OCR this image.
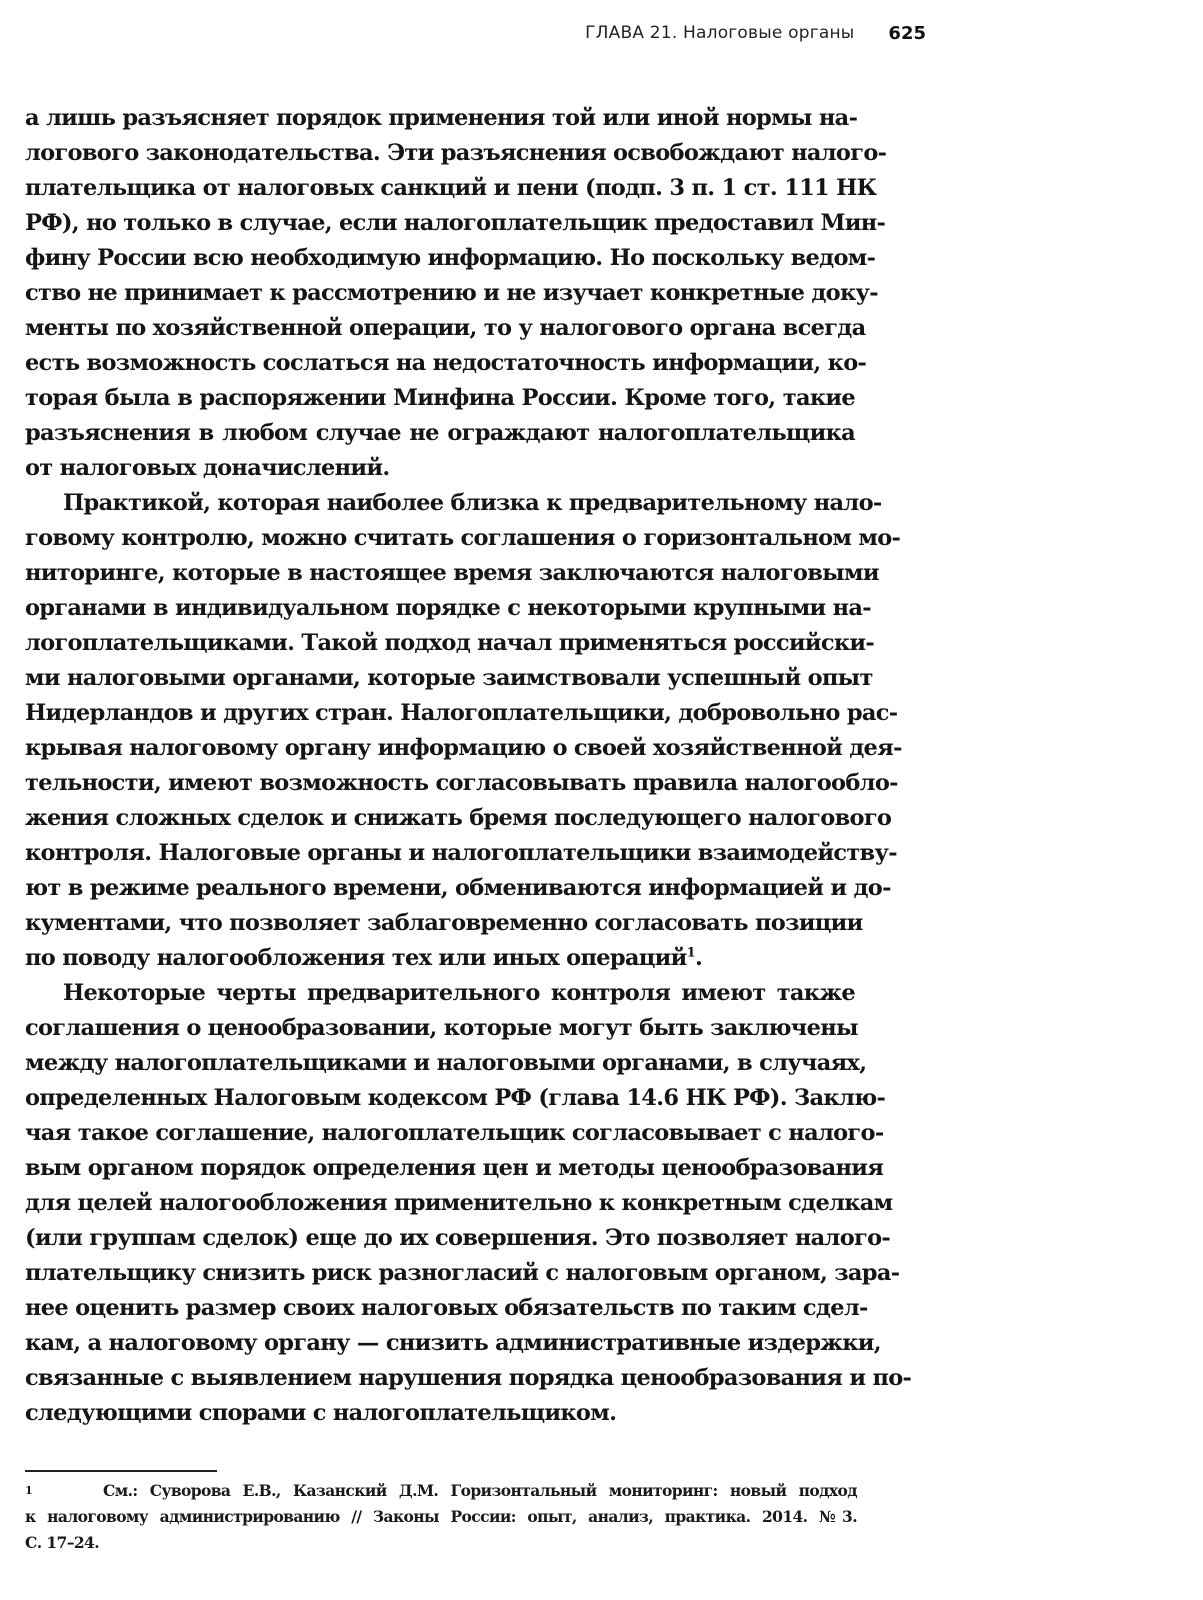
ГЛАВА 21. Налоговые органы 625
а лишь разъясняет порядок применения той или иной нормы на-
логового законодательства. Эти разъяснения освобождают налого-
плательщика от налоговых санкций и пени (подп. 3 п. 1 ст. 111 НК
РФ), но только в случае, если налогоплательщик предоставил Мин-
фину России всю необходимую информацию. Но поскольку ведом-
ство не принимает к рассмотрению и не изучает конкретные доку-
менты по хозяйственной операции, то у налогового органа всегда
есть возможность сослаться на недостаточность информации, ко-
торая была в распоряжении Минфина России. Кроме того, такие
разъяснения в любом случае не ограждают налогоплательщика
от налоговых доначислений.
Практикой, которая наиболее близка к предварительному нало-
говому контролю, можно считать соглашения о горизонтальном мо-
ниторинге, которые в настоящее время заключаются налоговыми
органами в индивидуальном порядке с некоторыми крупными на-
логоплательщиками. Такой подход начал применяться российски-
ми налоговыми органами, которые заимствовали успешный опыт
Нидерландов и других стран. Налогоплательщики, добровольно рас-
крывая налоговому органу информацию о своей хозяйственной дея-
тельности, имеют возможность согласовывать правила налогообло-
жения сложных сделок и снижать бремя последующего налогового
контроля. Налоговые органы и налогоплательщики взаимодейству-
ют в режиме реального времени, обмениваются информацией и до-
кументами, что позволяет заблаговременно согласовать позиции
по поводу налогообложения тех или иных операций$^1$.
Некоторые черты предварительного контроля имеют также
соглашения о ценообразовании, которые могут быть заключены
между налогоплательщиками и налоговыми органами, в случаях,
определенных Налоговым кодексом РФ (глава 14.6 НК РФ). Заклю-
чая такое соглашение, налогоплательщик согласовывает с налого-
вым органом порядок определения цен и методы ценообразования
для целей налогообложения применительно к конкретным сделкам
(или группам сделок) еще до их совершения. Это позволяет налого-
плательщику снизить риск разногласий с налоговым органом, зара-
нее оценить размер своих налоговых обязательств по таким сдел-
кам, а налоговому органу — снизить административные издержки,
связанные с выявлением нарушения порядка ценообразования и по-
следующими спорами с налогоплательщиком.
1	См.: Суворова Е.В., Казанский Д.М. Горизонтальный мониторинг: новый подход
к налоговому администрированию // Законы России: опыт, анализ, практика. 2014. №3.
С. 17–24.
